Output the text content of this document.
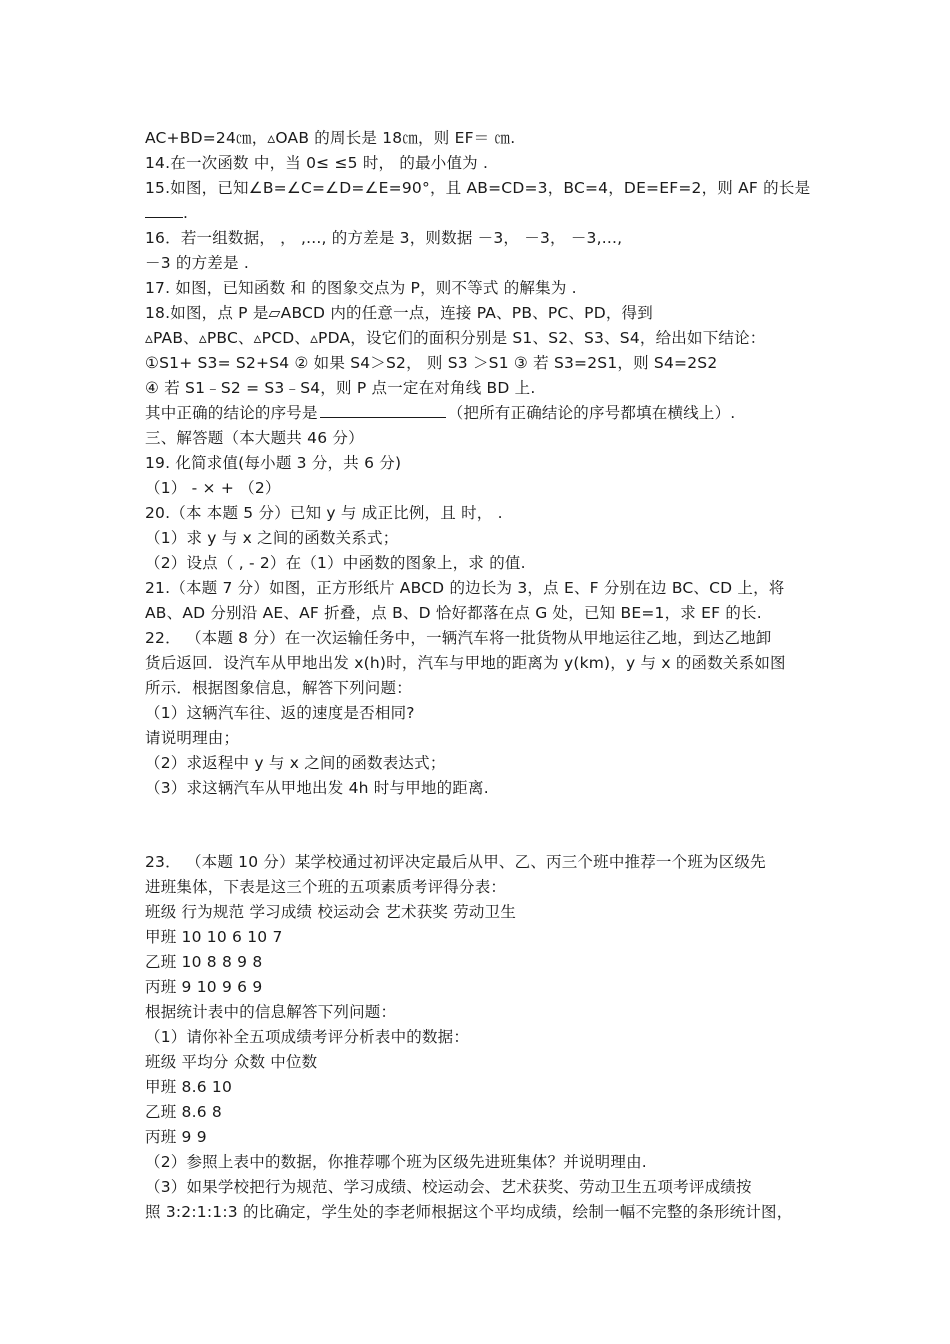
AC+BD=24㎝，▵OAB 的周长是 18㎝，则 EF＝ ㎝.
14.在一次函数 中，当 0≤ ≤5 时， 的最小值为 .
15.如图，已知∠B=∠C=∠D=∠E=90°，且 AB=CD=3，BC=4，DE=EF=2，则 AF 的长是
.
16．若一组数据， ， ,..., 的方差是 3，则数据 －3， －3， －3,...,
－3 的方差是 .
17. 如图，已知函数 和 的图象交点为 P，则不等式 的解集为 .
18.如图，点 P 是▱ABCD 内的任意一点，连接 PA、PB、PC、PD，得到
▵PAB、▵PBC、▵PCD、▵PDA，设它们的面积分别是 S1、S2、S3、S4，给出如下结论：
①S1+ S3= S2+S4 ② 如果 S4＞S2， 则 S3 ＞S1 ③ 若 S3=2S1，则 S4=2S2
④ 若 S1﹣S2 = S3﹣S4，则 P 点一定在对角线 BD 上.
其中正确的结论的序号是	（把所有正确结论的序号都填在横线上）.
三、解答题（本大题共 46 分）
19. 化简求值(每小题 3 分，共 6 分)
（1） - × + （2）
20.（本 本题 5 分）已知 y 与 成正比例，且 时， .
（1）求 y 与 x 之间的函数关系式；
（2）设点（ , - 2）在（1）中函数的图象上，求 的值.
21.（本题 7 分）如图，正方形纸片 ABCD 的边长为 3，点 E、F 分别在边 BC、CD 上，将
AB、AD 分别沿 AE、AF 折叠，点 B、D 恰好都落在点 G 处，已知 BE=1，求 EF 的长.
22． （本题 8 分）在一次运输任务中，一辆汽车将一批货物从甲地运往乙地，到达乙地卸
货后返回．设汽车从甲地出发 x(h)时，汽车与甲地的距离为 y(km)，y 与 x 的函数关系如图
所示．根据图象信息，解答下列问题：
（1）这辆汽车往、返的速度是否相同?
请说明理由；
（2）求返程中 y 与 x 之间的函数表达式；
（3）求这辆汽车从甲地出发 4h 时与甲地的距离.
23． （本题 10 分）某学校通过初评决定最后从甲、乙、丙三个班中推荐一个班为区级先
进班集体，下表是这三个班的五项素质考评得分表：
班级 行为规范 学习成绩 校运动会 艺术获奖 劳动卫生
甲班 10 10 6 10 7
乙班 10 8 8 9 8
丙班 9 10 9 6 9
根据统计表中的信息解答下列问题：
（1）请你补全五项成绩考评分析表中的数据：
班级 平均分 众数 中位数
甲班 8.6 10
乙班 8.6 8
丙班 9 9
（2）参照上表中的数据，你推荐哪个班为区级先进班集体？并说明理由.
（3）如果学校把行为规范、学习成绩、校运动会、艺术获奖、劳动卫生五项考评成绩按
照 3:2:1:1:3 的比确定，学生处的李老师根据这个平均成绩，绘制一幅不完整的条形统计图，
